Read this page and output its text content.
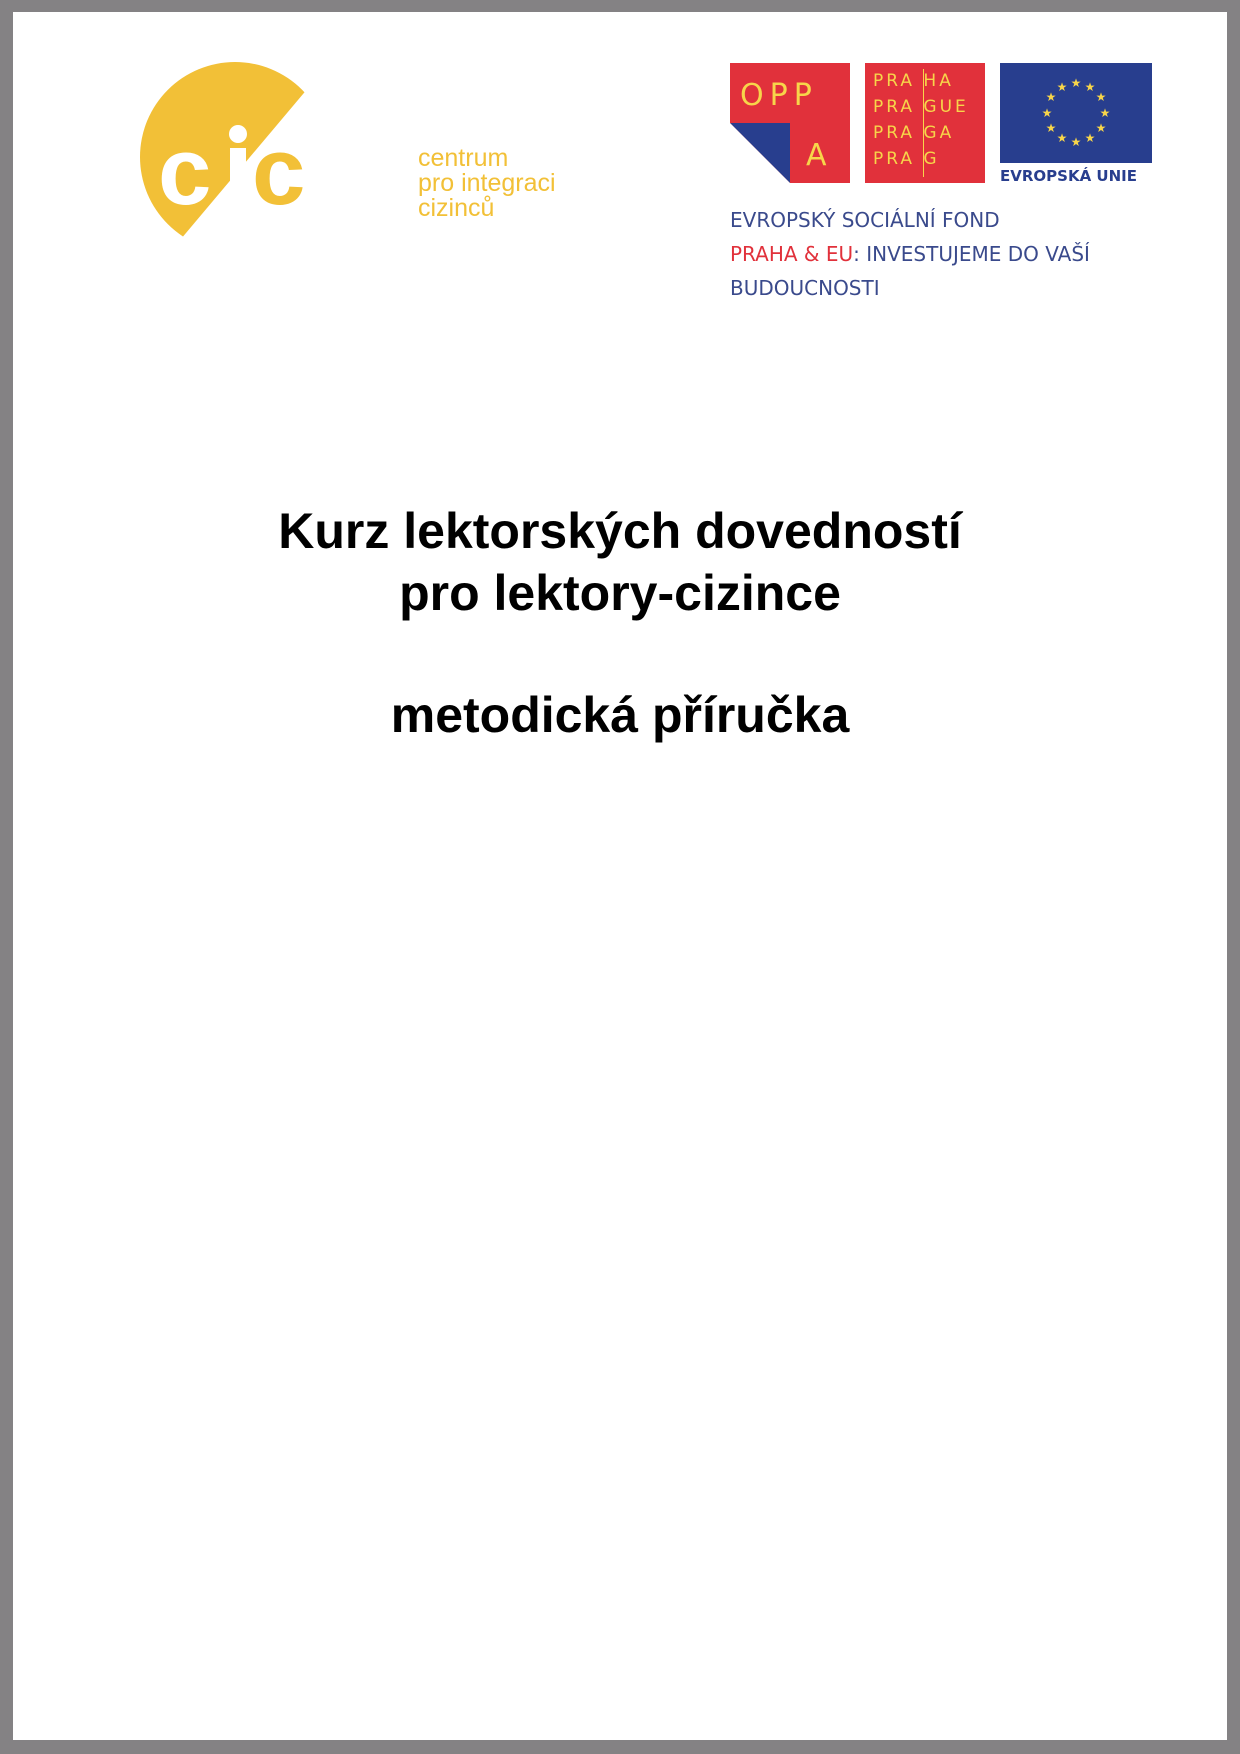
c c	centrum
pro integraci
cizinců
OPP
A
PRA HA
PRA GUE
PRA GA
PRA G
★ ★
★
★
★
★
★
★
★
★
★
★
EVROPSKÁ UNIE
EVROPSKÝ SOCIÁLNÍ FOND
PRAHA & EU: INVESTUJEME DO VAŠÍ
BUDOUCNOSTI
Kurz lektorských dovedností
pro lektory-cizince
metodická příručka
